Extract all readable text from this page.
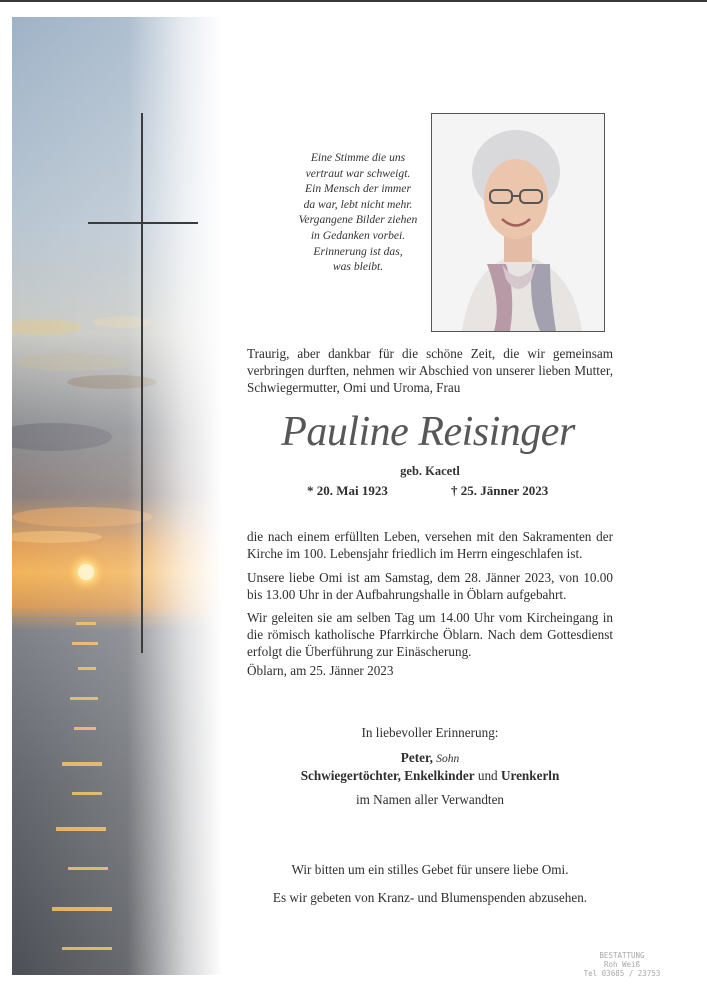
Eine Stimme die uns
vertraut war schweigt.
Ein Mensch der immer
da war, lebt nicht mehr.
Vergangene Bilder ziehen
in Gedanken vorbei.
Erinnerung ist das,
was bleibt.
Traurig, aber dankbar für die schöne Zeit, die wir gemeinsam verbringen durften, nehmen wir Abschied von unserer lieben Mutter, Schwiegermutter, Omi und Uroma, Frau
Pauline Reisinger
geb. Kacetl
* 20. Mai 1923	† 25. Jänner 2023
die nach einem erfüllten Leben, versehen mit den Sakramenten der Kirche im 100. Lebensjahr friedlich im Herrn eingeschlafen ist.
Unsere liebe Omi ist am Samstag, dem 28. Jänner 2023, von 10.00 bis 13.00 Uhr in der Aufbahrungshalle in Öblarn aufgebahrt.
Wir geleiten sie am selben Tag um 14.00 Uhr vom Kircheingang in die römisch katholische Pfarrkirche Öblarn. Nach dem Gottesdienst erfolgt die Überführung zur Einäscherung.
Öblarn, am 25. Jänner 2023
In liebevoller Erinnerung:
Peter, Sohn
Schwiegertöchter, Enkelkinder und Urenkerln
im Namen aller Verwandten
Wir bitten um ein stilles Gebet für unsere liebe Omi.
Es wir gebeten von Kranz- und Blumenspenden abzusehen.
BESTATTUNG
Roh Weiß
Tel 03685 / 23753
